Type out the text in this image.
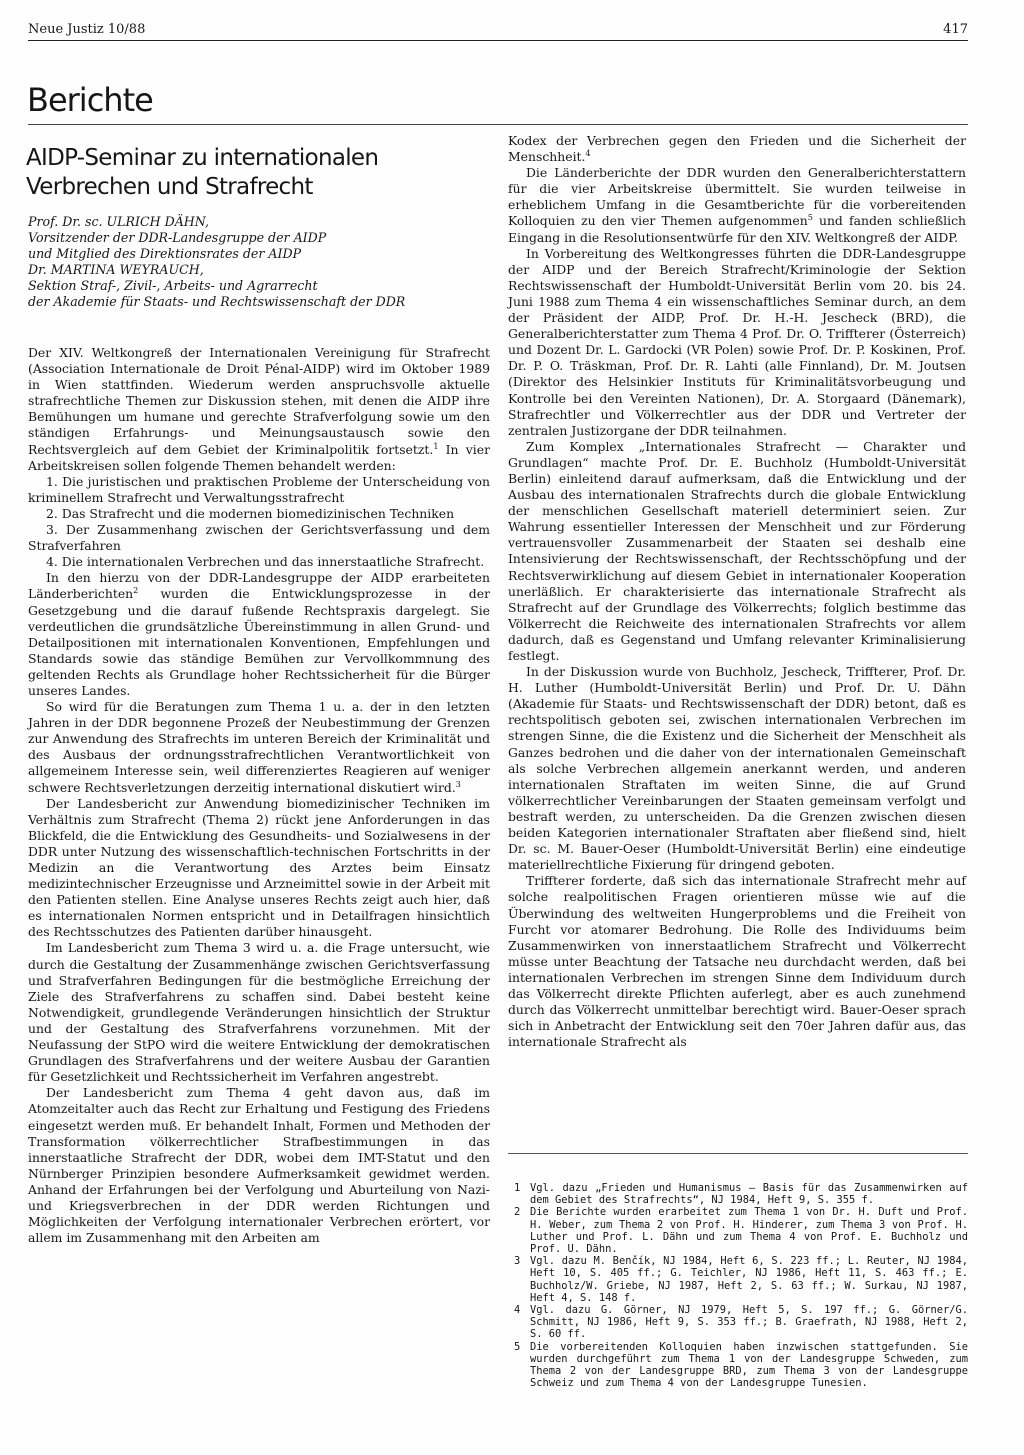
Neue Justiz 10/88	417
Berichte
AIDP-Seminar zu internationalen
Verbrechen und Strafrecht
Prof. Dr. sc. ULRICH DÄHN,
Vorsitzender der DDR-Landesgruppe der AIDP
und Mitglied des Direktionsrates der AIDP
Dr. MARTINA WEYRAUCH,
Sektion Straf-, Zivil-, Arbeits- und Agrarrecht
der Akademie für Staats- und Rechtswissenschaft der DDR

Der XIV. Weltkongreß der Internationalen Vereinigung für Strafrecht (Association Internationale de Droit Pénal-AIDP) wird im Oktober 1989 in Wien stattfinden. Wiederum werden anspruchsvolle aktuelle strafrechtliche Themen zur Diskussion stehen, mit denen die AIDP ihre Bemühungen um humane und gerechte Strafverfolgung sowie um den ständigen Erfahrungs- und Meinungsaustausch sowie den Rechtsvergleich auf dem Gebiet der Kriminalpolitik fortsetzt.$^1$ In vier Arbeitskreisen sollen folgende Themen behandelt werden:

1. Die juristischen und praktischen Probleme der Unterscheidung von kriminellem Strafrecht und Verwaltungsstrafrecht

2. Das Strafrecht und die modernen biomedizinischen Techniken

3. Der Zusammenhang zwischen der Gerichtsverfassung und dem Strafverfahren

4. Die internationalen Verbrechen und das innerstaatliche Strafrecht.

In den hierzu von der DDR-Landesgruppe der AIDP erarbeiteten Länderberichten$^2$ wurden die Entwicklungsprozesse in der Gesetzgebung und die darauf fußende Rechtspraxis dargelegt. Sie verdeutlichen die grundsätzliche Übereinstimmung in allen Grund- und Detailpositionen mit internationalen Konventionen, Empfehlungen und Standards sowie das ständige Bemühen zur Vervollkommnung des geltenden Rechts als Grundlage hoher Rechtssicherheit für die Bürger unseres Landes.

So wird für die Beratungen zum Thema 1 u. a. der in den letzten Jahren in der DDR begonnene Prozeß der Neubestimmung der Grenzen zur Anwendung des Strafrechts im unteren Bereich der Kriminalität und des Ausbaus der ordnungsstrafrechtlichen Verantwortlichkeit von allgemeinem Interesse sein, weil differenziertes Reagieren auf weniger schwere Rechtsverletzungen derzeitig international diskutiert wird.$^3$

Der Landesbericht zur Anwendung biomedizinischer Techniken im Verhältnis zum Strafrecht (Thema 2) rückt jene Anforderungen in das Blickfeld, die die Entwicklung des Gesundheits- und Sozialwesens in der DDR unter Nutzung des wissenschaftlich-technischen Fortschritts in der Medizin an die Verantwortung des Arztes beim Einsatz medizintechnischer Erzeugnisse und Arzneimittel sowie in der Arbeit mit den Patienten stellen. Eine Analyse unseres Rechts zeigt auch hier, daß es internationalen Normen entspricht und in Detailfragen hinsichtlich des Rechtsschutzes des Patienten darüber hinausgeht.

Im Landesbericht zum Thema 3 wird u. a. die Frage untersucht, wie durch die Gestaltung der Zusammenhänge zwischen Gerichtsverfassung und Strafverfahren Bedingungen für die bestmögliche Erreichung der Ziele des Strafverfahrens zu schaffen sind. Dabei besteht keine Notwendigkeit, grundlegende Veränderungen hinsichtlich der Struktur und der Gestaltung des Strafverfahrens vorzunehmen. Mit der Neufassung der StPO wird die weitere Entwicklung der demokratischen Grundlagen des Strafverfahrens und der weitere Ausbau der Garantien für Gesetzlichkeit und Rechtssicherheit im Verfahren angestrebt.

Der Landesbericht zum Thema 4 geht davon aus, daß im Atomzeitalter auch das Recht zur Erhaltung und Festigung des Friedens eingesetzt werden muß. Er behandelt Inhalt, Formen und Methoden der Transformation völkerrechtlicher Strafbestimmungen in das innerstaatliche Strafrecht der DDR, wobei dem IMT-Statut und den Nürnberger Prinzipien besondere Aufmerksamkeit gewidmet werden. Anhand der Erfahrungen bei der Verfolgung und Aburteilung von Nazi- und Kriegsverbrechen in der DDR werden Richtungen und Möglichkeiten der Verfolgung internationaler Verbrechen erörtert, vor allem im Zusammenhang mit den Arbeiten am

Kodex der Verbrechen gegen den Frieden und die Sicherheit der Menschheit.$^4$

Die Länderberichte der DDR wurden den Generalberichterstattern für die vier Arbeitskreise übermittelt. Sie wurden teilweise in erheblichem Umfang in die Gesamtberichte für die vorbereitenden Kolloquien zu den vier Themen aufgenommen$^5$ und fanden schließlich Eingang in die Resolutionsentwürfe für den XIV. Weltkongreß der AIDP.

In Vorbereitung des Weltkongresses führten die DDR-Landesgruppe der AIDP und der Bereich Strafrecht/Kriminologie der Sektion Rechtswissenschaft der Humboldt-Universität Berlin vom 20. bis 24. Juni 1988 zum Thema 4 ein wissenschaftliches Seminar durch, an dem der Präsident der AIDP, Prof. Dr. H.-H. Jescheck (BRD), die Generalberichterstatter zum Thema 4 Prof. Dr. O. Triffterer (Österreich) und Dozent Dr. L. Gardocki (VR Polen) sowie Prof. Dr. P. Koskinen, Prof. Dr. P. O. Träskman, Prof. Dr. R. Lahti (alle Finnland), Dr. M. Joutsen (Direktor des Helsinkier Instituts für Kriminalitätsvorbeugung und Kontrolle bei den Vereinten Nationen), Dr. A. Storgaard (Dänemark), Strafrechtler und Völkerrechtler aus der DDR und Vertreter der zentralen Justizorgane der DDR teilnahmen.

Zum Komplex „Internationales Strafrecht — Charakter und Grundlagen“ machte Prof. Dr. E. Buchholz (Humboldt-Universität Berlin) einleitend darauf aufmerksam, daß die Entwicklung und der Ausbau des internationalen Strafrechts durch die globale Entwicklung der menschlichen Gesellschaft materiell determiniert seien. Zur Wahrung essentieller Interessen der Menschheit und zur Förderung vertrauensvoller Zusammenarbeit der Staaten sei deshalb eine Intensivierung der Rechtswissenschaft, der Rechtsschöpfung und der Rechtsverwirklichung auf diesem Gebiet in internationaler Kooperation unerläßlich. Er charakterisierte das internationale Strafrecht als Strafrecht auf der Grundlage des Völkerrechts; folglich bestimme das Völkerrecht die Reichweite des internationalen Strafrechts vor allem dadurch, daß es Gegenstand und Umfang relevanter Kriminalisierung festlegt.

In der Diskussion wurde von Buchholz, Jescheck, Triffterer, Prof. Dr. H. Luther (Humboldt-Universität Berlin) und Prof. Dr. U. Dähn (Akademie für Staats- und Rechtswissenschaft der DDR) betont, daß es rechtspolitisch geboten sei, zwischen internationalen Verbrechen im strengen Sinne, die die Existenz und die Sicherheit der Menschheit als Ganzes bedrohen und die daher von der internationalen Gemeinschaft als solche Verbrechen allgemein anerkannt werden, und anderen internationalen Straftaten im weiten Sinne, die auf Grund völkerrechtlicher Vereinbarungen der Staaten gemeinsam verfolgt und bestraft werden, zu unterscheiden. Da die Grenzen zwischen diesen beiden Kategorien internationaler Straftaten aber fließend sind, hielt Dr. sc. M. Bauer-Oeser (Humboldt-Universität Berlin) eine eindeutige materiellrechtliche Fixierung für dringend geboten.

Triffterer forderte, daß sich das internationale Strafrecht mehr auf solche realpolitischen Fragen orientieren müsse wie auf die Überwindung des weltweiten Hungerproblems und die Freiheit von Furcht vor atomarer Bedrohung. Die Rolle des Individuums beim Zusammenwirken von innerstaatlichem Strafrecht und Völkerrecht müsse unter Beachtung der Tatsache neu durchdacht werden, daß bei internationalen Verbrechen im strengen Sinne dem Individuum durch das Völkerrecht direkte Pflichten auferlegt, aber es auch zunehmend durch das Völkerrecht unmittelbar berechtigt wird. Bauer-Oeser sprach sich in Anbetracht der Entwicklung seit den 70er Jahren dafür aus, das internationale Strafrecht als

1 Vgl. dazu „Frieden und Humanismus — Basis für das Zusammenwirken auf dem Gebiet des Strafrechts“, NJ 1984, Heft 9, S. 355 f.
2 Die Berichte wurden erarbeitet zum Thema 1 von Dr. H. Duft und Prof. H. Weber, zum Thema 2 von Prof. H. Hinderer, zum Thema 3 von Prof. H. Luther und Prof. L. Dähn und zum Thema 4 von Prof. E. Buchholz und Prof. U. Dähn.
3 Vgl. dazu M. Benčík, NJ 1984, Heft 6, S. 223 ff.; L. Reuter, NJ 1984, Heft 10, S. 405 ff.; G. Teichler, NJ 1986, Heft 11, S. 463 ff.; E. Buchholz/W. Griebe, NJ 1987, Heft 2, S. 63 ff.; W. Surkau, NJ 1987, Heft 4, S. 148 f.
4 Vgl. dazu G. Görner, NJ 1979, Heft 5, S. 197 ff.; G. Görner/G. Schmitt, NJ 1986, Heft 9, S. 353 ff.; B. Graefrath, NJ 1988, Heft 2, S. 60 ff.
5 Die vorbereitenden Kolloquien haben inzwischen stattgefunden. Sie wurden durchgeführt zum Thema 1 von der Landesgruppe Schweden, zum Thema 2 von der Landesgruppe BRD, zum Thema 3 von der Landesgruppe Schweiz und zum Thema 4 von der Landesgruppe Tunesien.
